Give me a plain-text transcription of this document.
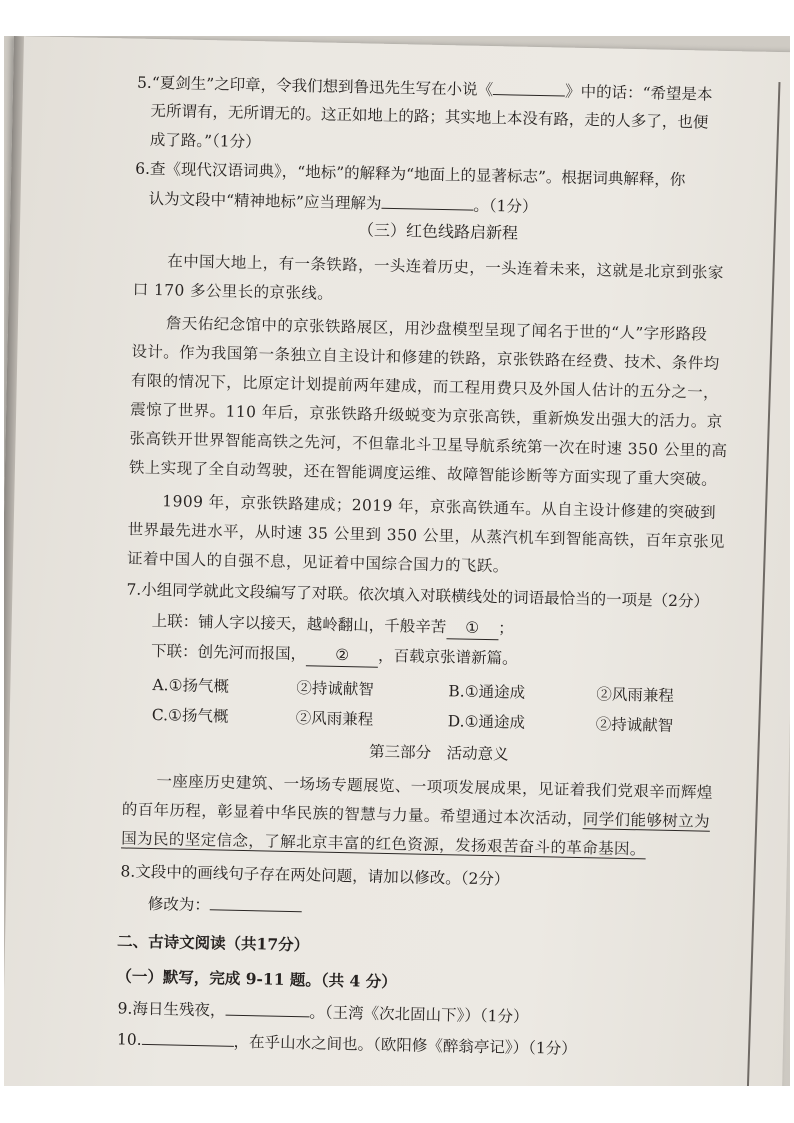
5.“夏剑生”之印章，令我们想到鲁迅先生写在小说《	》中的话：“希望是本
无所谓有，无所谓无的。这正如地上的路；其实地上本没有路，走的人多了，也便
成了路。”（1分）
6.查《现代汉语词典》，“地标”的解释为“地面上的显著标志”。根据词典解释，你
认为文段中“精神地标”应当理解为	。（1分）
（三）红色线路启新程
在中国大地上，有一条铁路，一头连着历史，一头连着未来，这就是北京到张家
口 170 多公里长的京张线。
詹天佑纪念馆中的京张铁路展区，用沙盘模型呈现了闻名于世的“人”字形路段
设计。作为我国第一条独立自主设计和修建的铁路，京张铁路在经费、技术、条件均
有限的情况下，比原定计划提前两年建成，而工程用费只及外国人估计的五分之一，
震惊了世界。110 年后，京张铁路升级蜕变为京张高铁，重新焕发出强大的活力。京
张高铁开世界智能高铁之先河，不但靠北斗卫星导航系统第一次在时速 350 公里的高
铁上实现了全自动驾驶，还在智能调度运维、故障智能诊断等方面实现了重大突破。
1909 年，京张铁路建成；2019 年，京张高铁通车。从自主设计修建的突破到
世界最先进水平，从时速 35 公里到 350 公里，从蒸汽机车到智能高铁，百年京张见
证着中国人的自强不息，见证着中国综合国力的飞跃。
7.小组同学就此文段编写了对联。依次填入对联横线处的词语最恰当的一项是（2分）
上联：铺人字以接天，越岭翻山，千般辛苦 ① ；
下联：创先河而报国， ② ，百载京张谱新篇。
A.①扬气概	②持诚献智	B.①通途成	②风雨兼程
C.①扬气概	②风雨兼程	D.①通途成	②持诚献智
第三部分　活动意义
一座座历史建筑、一场场专题展览、一项项发展成果，见证着我们党艰辛而辉煌
的百年历程，彰显着中华民族的智慧与力量。希望通过本次活动，同学们能够树立为
国为民的坚定信念，了解北京丰富的红色资源，发扬艰苦奋斗的革命基因。
8.文段中的画线句子存在两处问题，请加以修改。（2分）
修改为：
二、古诗文阅读（共17分）
（一）默写，完成 9-11 题。（共 4 分）
9.海日生残夜，	。（王湾《次北固山下》）（1分）
10.	，在乎山水之间也。（欧阳修《醉翁亭记》）（1分）
